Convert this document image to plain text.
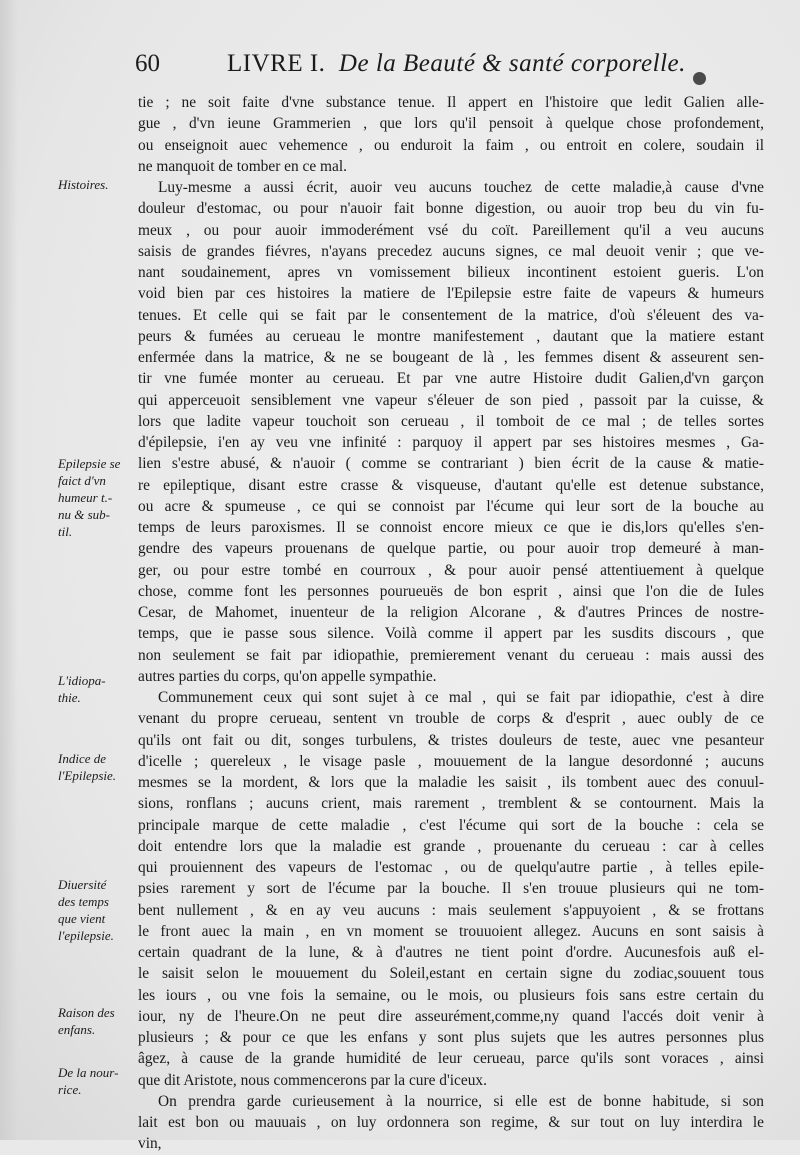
60	LIVRE I. De la Beauté & santé corporelle.
tie ; ne soit faite d'vne substance tenue. Il appert en l'histoire que ledit Galien alle-
gue , d'vn ieune Grammerien , que lors qu'il pensoit à quelque chose profondement,
ou enseignoit auec vehemence , ou enduroit la faim , ou entroit en colere, soudain il
ne manquoit de tomber en ce mal.
Luy-mesme a aussi écrit, auoir veu aucuns touchez de cette maladie,à cause d'vne
douleur d'estomac, ou pour n'auoir fait bonne digestion, ou auoir trop beu du vin fu-
meux , ou pour auoir immoderément vsé du coït. Pareillement qu'il a veu aucuns
saisis de grandes fiévres, n'ayans precedez aucuns signes, ce mal deuoit venir ; que ve-
nant soudainement, apres vn vomissement bilieux incontinent estoient gueris. L'on
void bien par ces histoires la matiere de l'Epilepsie estre faite de vapeurs & humeurs
tenues. Et celle qui se fait par le consentement de la matrice, d'où s'éleuent des va-
peurs & fumées au cerueau le montre manifestement , dautant que la matiere estant
enfermée dans la matrice, & ne se bougeant de là , les femmes disent & asseurent sen-
tir vne fumée monter au cerueau. Et par vne autre Histoire dudit Galien,d'vn garçon
qui apperceuoit sensiblement vne vapeur s'éleuer de son pied , passoit par la cuisse, &
lors que ladite vapeur touchoit son cerueau , il tomboit de ce mal ; de telles sortes
d'épilepsie, i'en ay veu vne infinité : parquoy il appert par ses histoires mesmes , Ga-
lien s'estre abusé, & n'auoir ( comme se contrariant ) bien écrit de la cause & matie-
re epileptique, disant estre crasse & visqueuse, d'autant qu'elle est detenue substance,
ou acre & spumeuse , ce qui se connoist par l'écume qui leur sort de la bouche au
temps de leurs paroxismes. Il se connoist encore mieux ce que ie dis,lors qu'elles s'en-
gendre des vapeurs prouenans de quelque partie, ou pour auoir trop demeuré à man-
ger, ou pour estre tombé en courroux , & pour auoir pensé attentiuement à quelque
chose, comme font les personnes pourueuës de bon esprit , ainsi que l'on die de Iules
Cesar, de Mahomet, inuenteur de la religion Alcorane , & d'autres Princes de nostre-
temps, que ie passe sous silence. Voilà comme il appert par les susdits discours , que
non seulement se fait par idiopathie, premierement venant du cerueau : mais aussi des
autres parties du corps, qu'on appelle sympathie.
Communement ceux qui sont sujet à ce mal , qui se fait par idiopathie, c'est à dire
venant du propre cerueau, sentent vn trouble de corps & d'esprit , auec oubly de ce
qu'ils ont fait ou dit, songes turbulens, & tristes douleurs de teste, auec vne pesanteur
d'icelle ; quereleux , le visage pasle , mouuement de la langue desordonné ; aucuns
mesmes se la mordent, & lors que la maladie les saisit , ils tombent auec des conuul-
sions, ronflans ; aucuns crient, mais rarement , tremblent & se contournent. Mais la
principale marque de cette maladie , c'est l'écume qui sort de la bouche : cela se
doit entendre lors que la maladie est grande , prouenante du cerueau : car à celles
qui prouiennent des vapeurs de l'estomac , ou de quelqu'autre partie , à telles epile-
psies rarement y sort de l'écume par la bouche. Il s'en trouue plusieurs qui ne tom-
bent nullement , & en ay veu aucuns : mais seulement s'appuyoient , & se frottans
le front auec la main , en vn moment se trouuoient allegez. Aucuns en sont saisis à
certain quadrant de la lune, & à d'autres ne tient point d'ordre. Aucunesfois auß el-
le saisit selon le mouuement du Soleil,estant en certain signe du zodiac,souuent tous
les iours , ou vne fois la semaine, ou le mois, ou plusieurs fois sans estre certain du
iour, ny de l'heure.On ne peut dire asseurément,comme,ny quand l'accés doit venir à
plusieurs ; & pour ce que les enfans y sont plus sujets que les autres personnes plus
âgez, à cause de la grande humidité de leur cerueau, parce qu'ils sont voraces , ainsi
que dit Aristote, nous commencerons par la cure d'iceux.
On prendra garde curieusement à la nourrice, si elle est de bonne habitude, si son
lait est bon ou mauuais , on luy ordonnera son regime, & sur tout on luy interdira le
vin,
Histoires.
Epilepsie se
faict d'vn
humeur t.-
nu & sub-
til.
L'idiopa-
thie.
Indice de
l'Epilepsie.
Diuersité
des temps
que vient
l'epilepsie.
Raison des
enfans.
De la nour-
rice.
